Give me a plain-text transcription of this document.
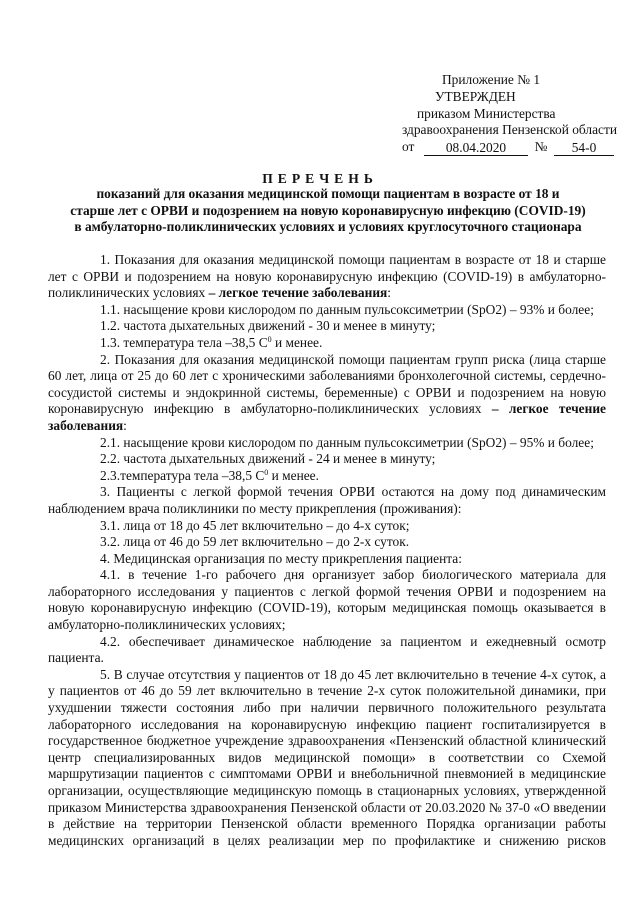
Приложение № 1
УТВЕРЖДЕН
приказом Министерства
здравоохранения Пензенской области
от	08.04.2020	№	54-0
ПЕРЕЧЕНЬ
показаний для оказания медицинской помощи пациентам в возрасте от 18 и
старше лет с ОРВИ и подозрением на новую коронавирусную инфекцию (COVID-19)
в амбулаторно-поликлинических условиях и условиях круглосуточного стационара

1. Показания для оказания медицинской помощи пациентам в возрасте от 18 и старше лет с ОРВИ и подозрением на новую коронавирусную инфекцию (COVID-19) в амбулаторно-поликлинических условиях – легкое течение заболевания:

1.1. насыщение крови кислородом по данным пульсоксиметрии (SpO2) – 93% и более;

1.2. частота дыхательных движений - 30 и менее в минуту;

1.3. температура тела –38,5 $С^0$ и менее.

2. Показания для оказания медицинской помощи пациентам групп риска (лица старше 60 лет, лица от 25 до 60 лет с хроническими заболеваниями бронхолегочной системы, сердечно-сосудистой системы и эндокринной системы, беременные) с ОРВИ и подозрением на новую коронавирусную инфекцию в амбулаторно-поликлинических условиях – легкое течение заболевания:

2.1. насыщение крови кислородом по данным пульсоксиметрии (SpO2) – 95% и более;

2.2. частота дыхательных движений - 24 и менее в минуту;

2.3.температура тела –38,5 $С^0$ и менее.

3. Пациенты с легкой формой течения ОРВИ остаются на дому под динамическим наблюдением врача поликлиники по месту прикрепления (проживания):

3.1. лица от 18 до 45 лет включительно – до 4-х суток;

3.2. лица от 46 до 59 лет включительно – до 2-х суток.

4. Медицинская организация по месту прикрепления пациента:

4.1. в течение 1-го рабочего дня организует забор биологического материала для лабораторного исследования у пациентов с легкой формой течения ОРВИ и подозрением на новую коронавирусную инфекцию (COVID-19), которым медицинская помощь оказывается в амбулаторно-поликлинических условиях;

4.2. обеспечивает динамическое наблюдение за пациентом и ежедневный осмотр пациента.

5. В случае отсутствия у пациентов от 18 до 45 лет включительно в течение 4-х суток, а у пациентов от 46 до 59 лет включительно в течение 2-х суток положительной динамики, при ухудшении тяжести состояния либо при наличии первичного положительного результата лабораторного исследования на коронавирусную инфекцию пациент госпитализируется в государственное бюджетное учреждение здравоохранения «Пензенский областной клинический центр специализированных видов медицинской помощи» в соответствии со Схемой маршрутизации пациентов с симптомами ОРВИ и внебольничной пневмонией в медицинские организации, осуществляющие медицинскую помощь в стационарных условиях, утвержденной приказом Министерства здравоохранения Пензенской области от 20.03.2020 № 37-0 «О введении в действие на территории Пензенской области временного Порядка организации работы медицинских организаций в целях реализации мер по профилактике и снижению рисков
